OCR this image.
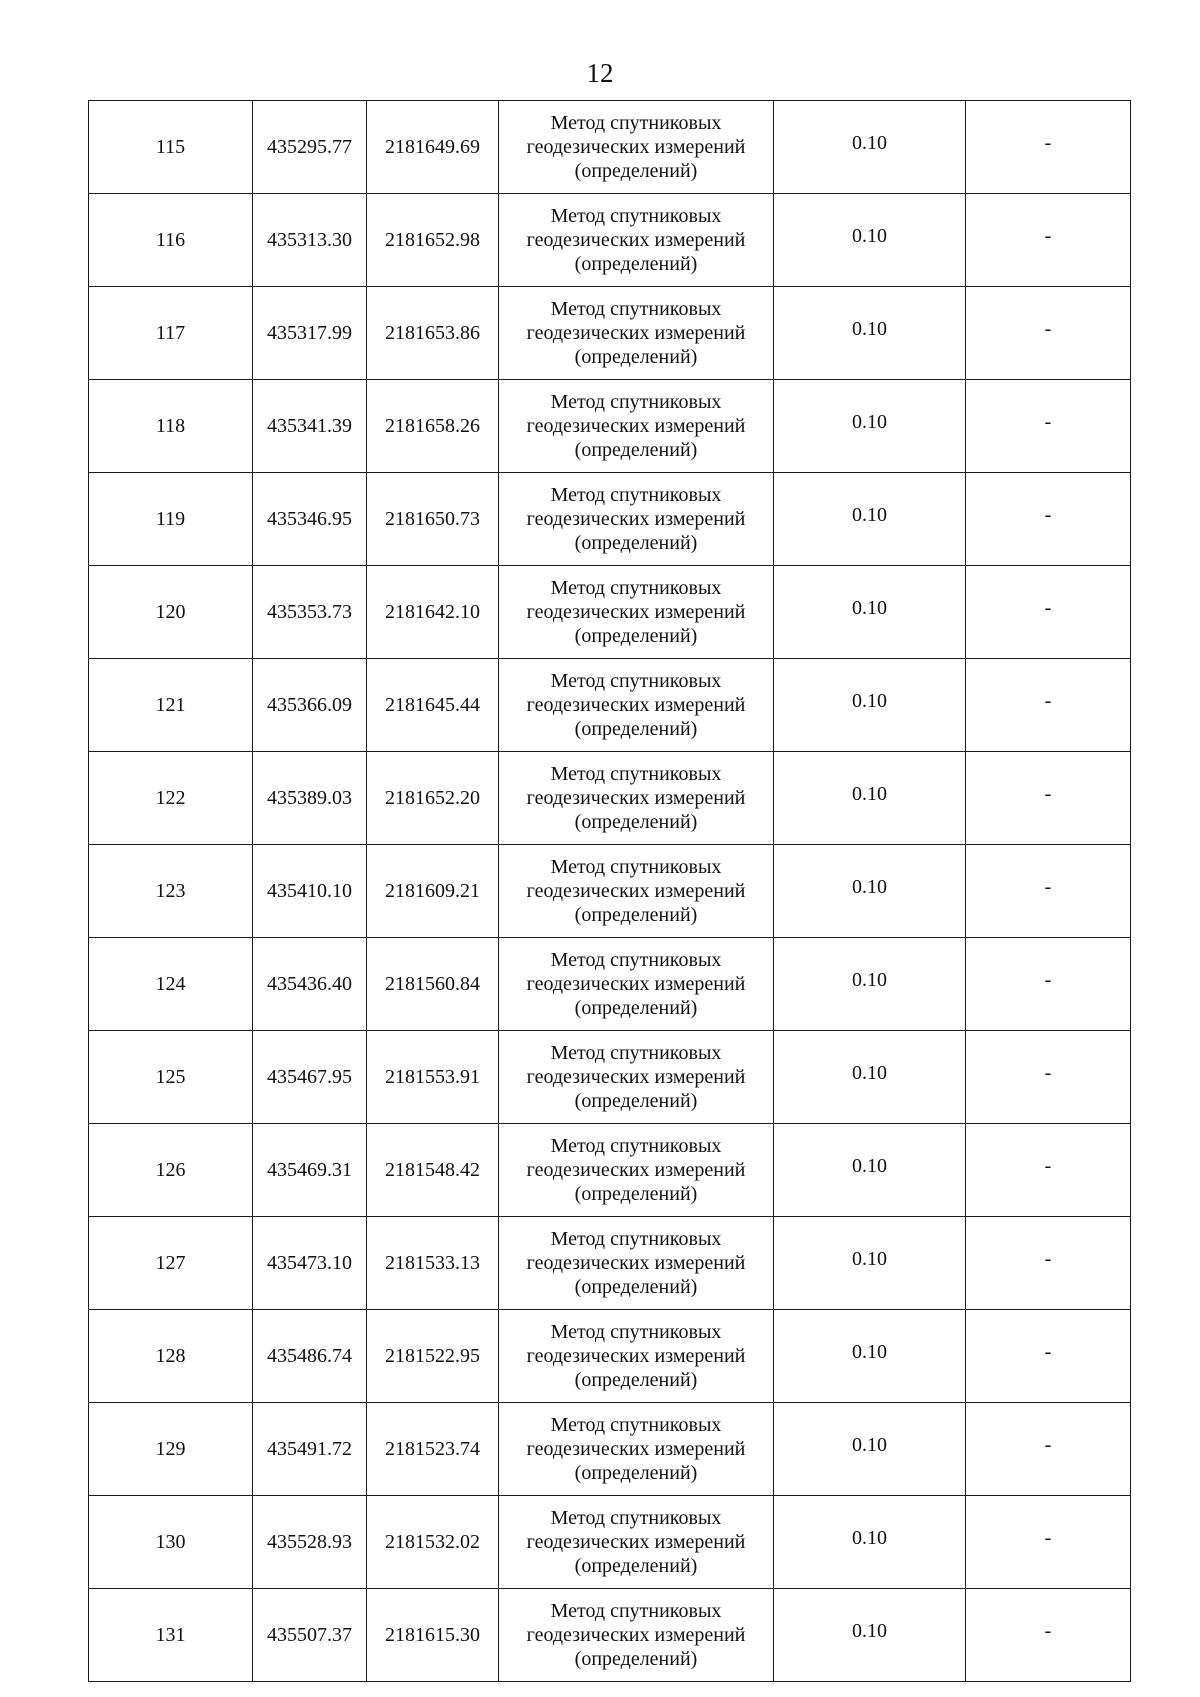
12
115	435295.77	2181649.69	Метод спутниковых
геодезических измерений
(определений)	0.10	-
116	435313.30	2181652.98	Метод спутниковых
геодезических измерений
(определений)	0.10	-
117	435317.99	2181653.86	Метод спутниковых
геодезических измерений
(определений)	0.10	-
118	435341.39	2181658.26	Метод спутниковых
геодезических измерений
(определений)	0.10	-
119	435346.95	2181650.73	Метод спутниковых
геодезических измерений
(определений)	0.10	-
120	435353.73	2181642.10	Метод спутниковых
геодезических измерений
(определений)	0.10	-
121	435366.09	2181645.44	Метод спутниковых
геодезических измерений
(определений)	0.10	-
122	435389.03	2181652.20	Метод спутниковых
геодезических измерений
(определений)	0.10	-
123	435410.10	2181609.21	Метод спутниковых
геодезических измерений
(определений)	0.10	-
124	435436.40	2181560.84	Метод спутниковых
геодезических измерений
(определений)	0.10	-
125	435467.95	2181553.91	Метод спутниковых
геодезических измерений
(определений)	0.10	-
126	435469.31	2181548.42	Метод спутниковых
геодезических измерений
(определений)	0.10	-
127	435473.10	2181533.13	Метод спутниковых
геодезических измерений
(определений)	0.10	-
128	435486.74	2181522.95	Метод спутниковых
геодезических измерений
(определений)	0.10	-
129	435491.72	2181523.74	Метод спутниковых
геодезических измерений
(определений)	0.10	-
130	435528.93	2181532.02	Метод спутниковых
геодезических измерений
(определений)	0.10	-
131	435507.37	2181615.30	Метод спутниковых
геодезических измерений
(определений)	0.10	-
